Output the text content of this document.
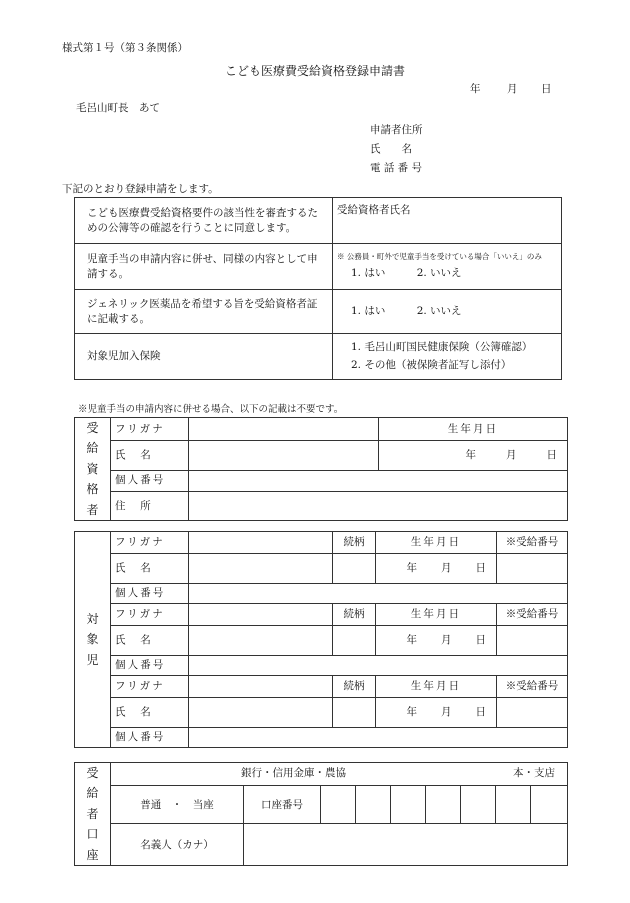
様式第１号（第３条関係）
こども医療費受給資格登録申請書
年	月 日
毛呂山町長　あて
申請者住所
氏　　名
電 話 番 号
下記のとおり登録申請をします。
こども医療費受給資格要件の該当性を審査するための公簿等の確認を行うことに同意します。	受給資格者氏名
児童手当の申請内容に併せ、同様の内容として申請する。	※ 公務員・町外で児童手当を受けている場合「いいえ」のみ
1. はい 2. いいえ

ジェネリック医薬品を希望する旨を受給資格者証に記載する。	1. はい 2. いいえ
対象児加入保険	1. 毛呂山町国民健康保険（公簿確認）
2. その他（被保険者証写し添付）
※児童手当の申請内容に併せる場合、以下の記載は不要です。
受
給
資
格
者	フリガナ		生年月日
	氏　名		年 月 日

	個人番号		
	住　所		
対
象
児	フリガナ		続柄	生年月日	※受給番号
	氏　名			年 月 日	

	個人番号				
	フリガナ		続柄	生年月日	※受給番号
	氏　名			年 月 日	

	個人番号				
	フリガナ		続柄	生年月日	※受給番号
	氏　名			年 月 日	

	個人番号				
受
給
者
口
座	銀行・信用金庫・農協 本・支店								

	普通　・　当座	口座番号							
	名義人（カナ）								
